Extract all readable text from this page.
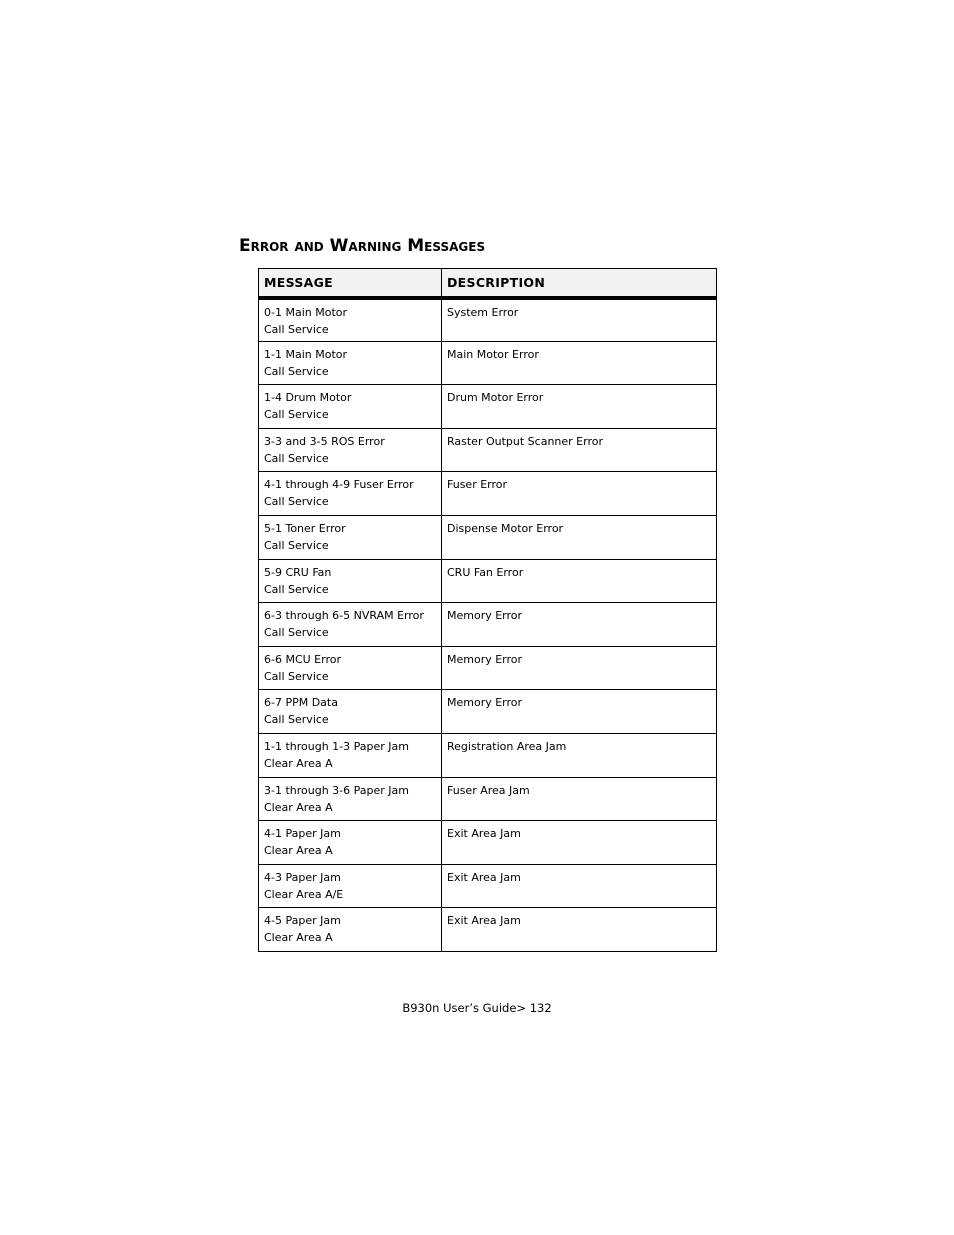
Error and Warning Messages
MESSAGE	DESCRIPTION

0-1 Main Motor
Call Service	System Error

1-1 Main Motor
Call Service	Main Motor Error

1-4 Drum Motor
Call Service	Drum Motor Error

3-3 and 3-5 ROS Error
Call Service	Raster Output Scanner Error

4-1 through 4-9 Fuser Error
Call Service	Fuser Error

5-1 Toner Error
Call Service	Dispense Motor Error

5-9 CRU Fan
Call Service	CRU Fan Error

6-3 through 6-5 NVRAM Error
Call Service	Memory Error

6-6 MCU Error
Call Service	Memory Error

6-7 PPM Data
Call Service	Memory Error

1-1 through 1-3 Paper Jam
Clear Area A	Registration Area Jam

3-1 through 3-6 Paper Jam
Clear Area A	Fuser Area Jam

4-1 Paper Jam
Clear Area A	Exit Area Jam

4-3 Paper Jam
Clear Area A/E	Exit Area Jam

4-5 Paper Jam
Clear Area A	Exit Area Jam
B930n User’s Guide> 132
